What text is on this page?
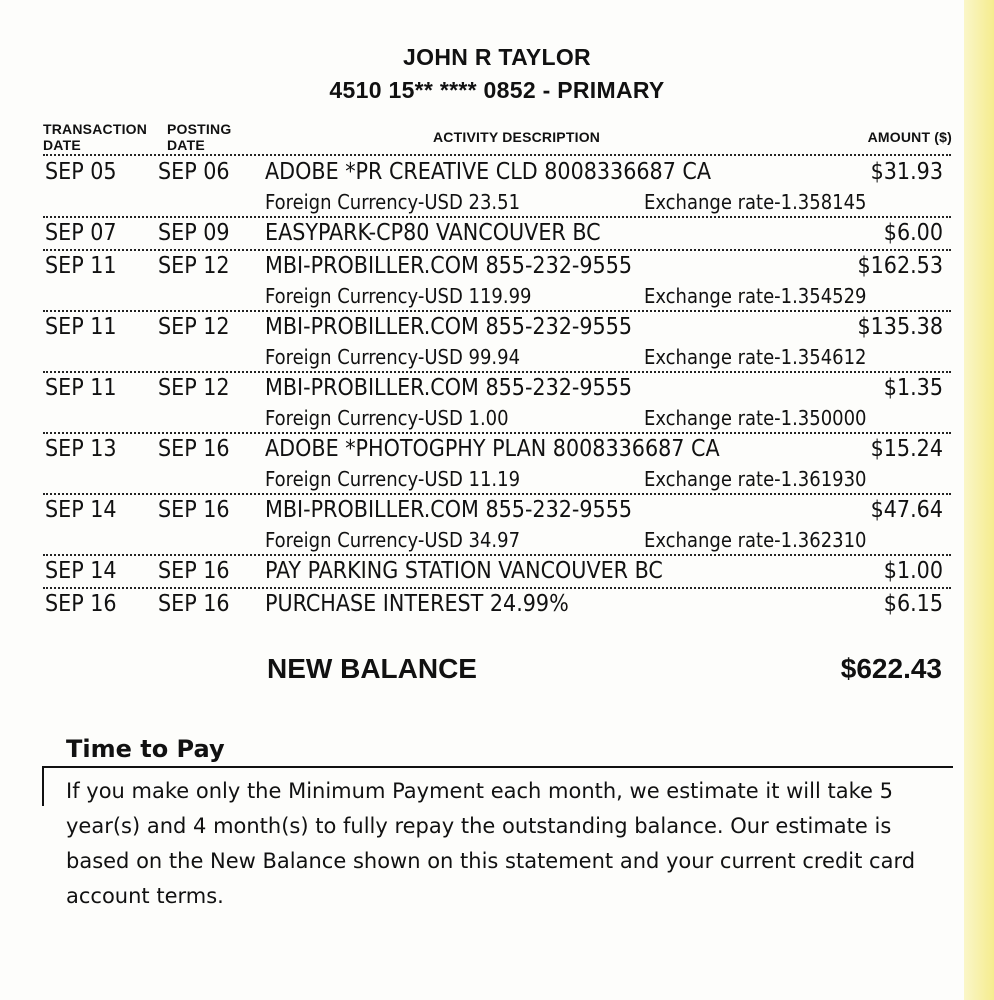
JOHN R TAYLOR
4510 15** **** 0852 - PRIMARY
TRANSACTION
DATE
POSTING
DATE	ACTIVITY DESCRIPTION	AMOUNT ($)
SEP 05 SEP 06 ADOBE *PR CREATIVE CLD 8008336687 CA	$31.93
Foreign Currency-USD 23.51	Exchange rate-1.358145
SEP 07 SEP 09 EASYPARK-CP80 VANCOUVER BC	$6.00
SEP 11 SEP 12 MBI-PROBILLER.COM 855-232-9555	$162.53
Foreign Currency-USD 119.99	Exchange rate-1.354529
SEP 11 SEP 12 MBI-PROBILLER.COM 855-232-9555	$135.38
Foreign Currency-USD 99.94	Exchange rate-1.354612
SEP 11 SEP 12 MBI-PROBILLER.COM 855-232-9555	$1.35
Foreign Currency-USD 1.00	Exchange rate-1.350000
SEP 13 SEP 16 ADOBE *PHOTOGPHY PLAN 8008336687 CA	$15.24
Foreign Currency-USD 11.19	Exchange rate-1.361930
SEP 14 SEP 16 MBI-PROBILLER.COM 855-232-9555	$47.64
Foreign Currency-USD 34.97	Exchange rate-1.362310
SEP 14 SEP 16 PAY PARKING STATION VANCOUVER BC	$1.00
SEP 16 SEP 16 PURCHASE INTEREST 24.99%	$6.15
NEW BALANCE	$622.43
Time to Pay
If you make only the Minimum Payment each month, we estimate it will take 5 year(s) and 4 month(s) to fully repay the outstanding balance. Our estimate is based on the New Balance shown on this statement and your current credit card account terms.
